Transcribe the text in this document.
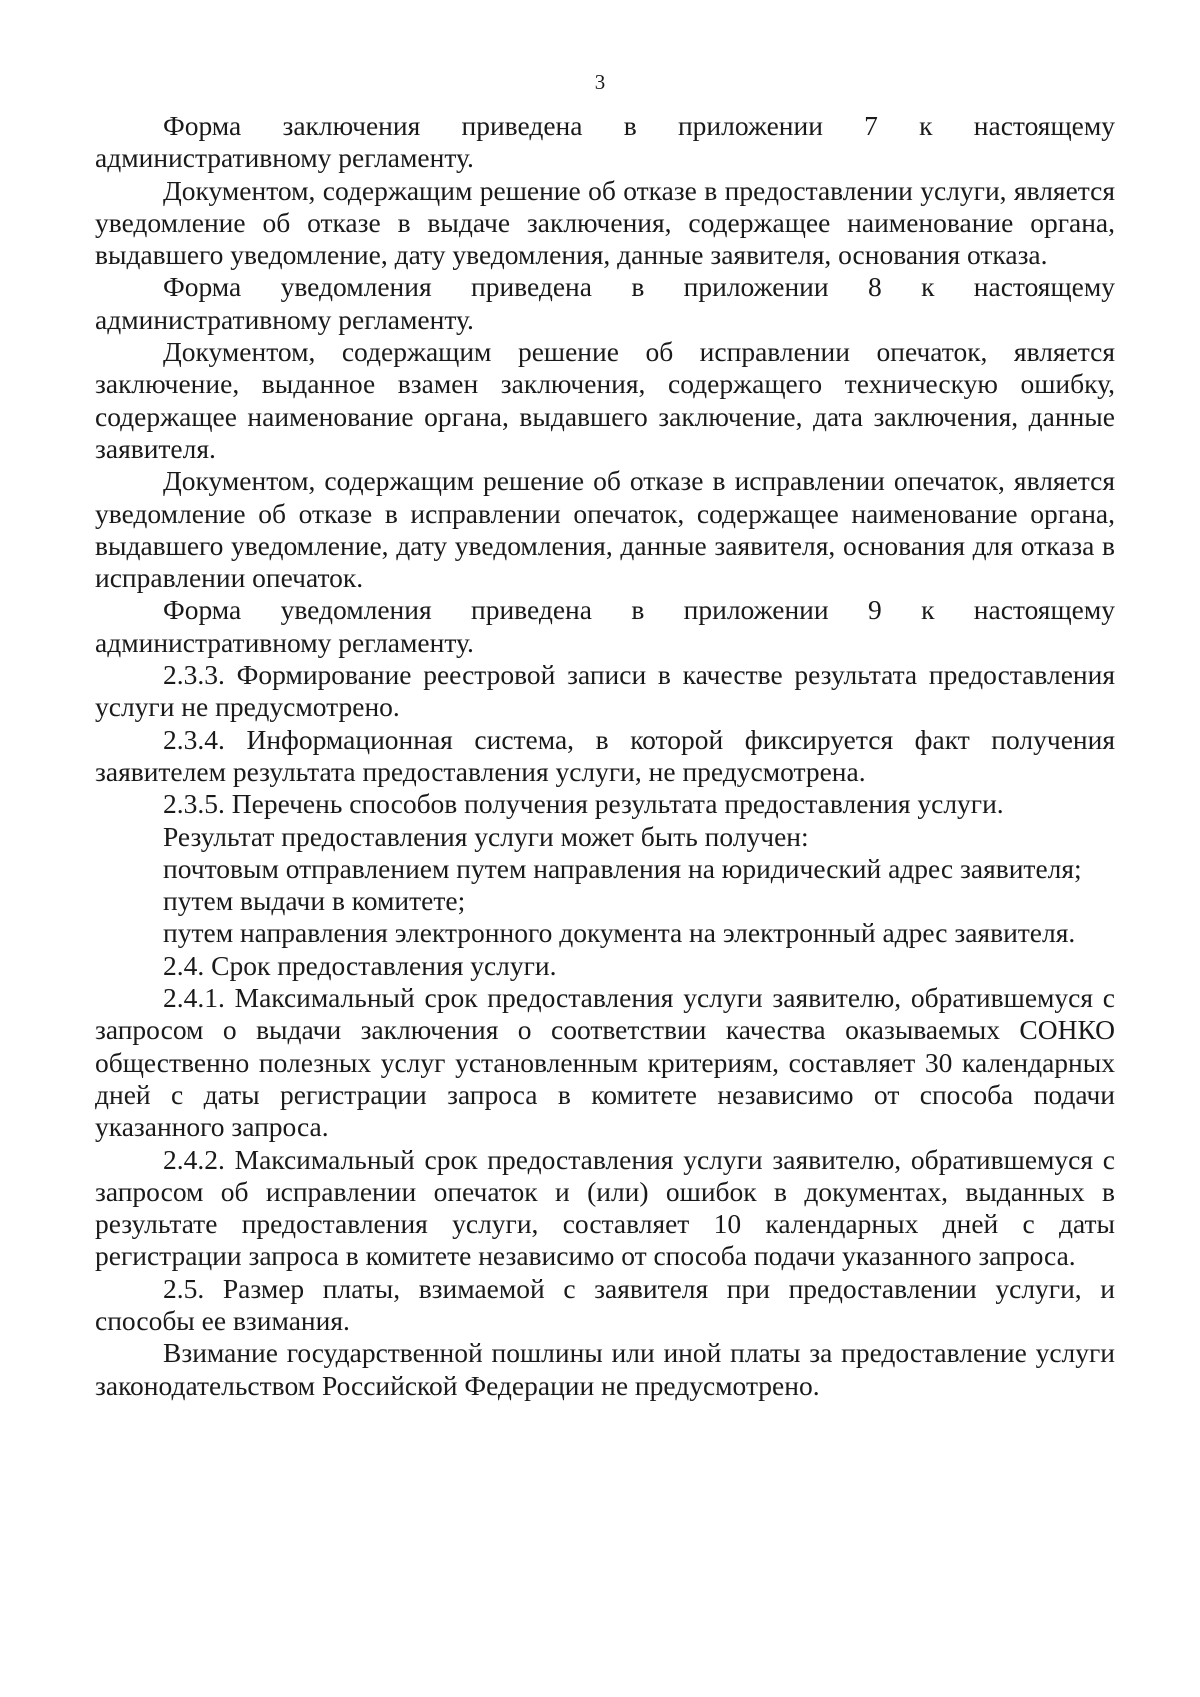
3

Форма заключения приведена в приложении 7 к настоящему административному регламенту.

Документом, содержащим решение об отказе в предоставлении услуги, является уведомление об отказе в выдаче заключения, содержащее наименование органа, выдавшего уведомление, дату уведомления, данные заявителя, основания отказа.

Форма уведомления приведена в приложении 8 к настоящему административному регламенту.

Документом, содержащим решение об исправлении опечаток, является заключение, выданное взамен заключения, содержащего техническую ошибку, содержащее наименование органа, выдавшего заключение, дата заключения, данные заявителя.

Документом, содержащим решение об отказе в исправлении опечаток, является уведомление об отказе в исправлении опечаток, содержащее наименование органа, выдавшего уведомление, дату уведомления, данные заявителя, основания для отказа в исправлении опечаток.

Форма уведомления приведена в приложении 9 к настоящему административному регламенту.

2.3.3. Формирование реестровой записи в качестве результата предоставления услуги не предусмотрено.

2.3.4. Информационная система, в которой фиксируется факт получения заявителем результата предоставления услуги, не предусмотрена.

2.3.5. Перечень способов получения результата предоставления услуги.

Результат предоставления услуги может быть получен:

почтовым отправлением путем направления на юридический адрес заявителя;

путем выдачи в комитете;

путем направления электронного документа на электронный адрес заявителя.

2.4. Срок предоставления услуги.

2.4.1. Максимальный срок предоставления услуги заявителю, обратившемуся с запросом о выдачи заключения о соответствии качества оказываемых СОНКО общественно полезных услуг установленным критериям, составляет 30 календарных дней с даты регистрации запроса в комитете независимо от способа подачи указанного запроса.

2.4.2. Максимальный срок предоставления услуги заявителю, обратившемуся с запросом об исправлении опечаток и (или) ошибок в документах, выданных в результате предоставления услуги, составляет 10 календарных дней с даты регистрации запроса в комитете независимо от способа подачи указанного запроса.

2.5. Размер платы, взимаемой с заявителя при предоставлении услуги, и способы ее взимания.

Взимание государственной пошлины или иной платы за предоставление услуги законодательством Российской Федерации не предусмотрено.
